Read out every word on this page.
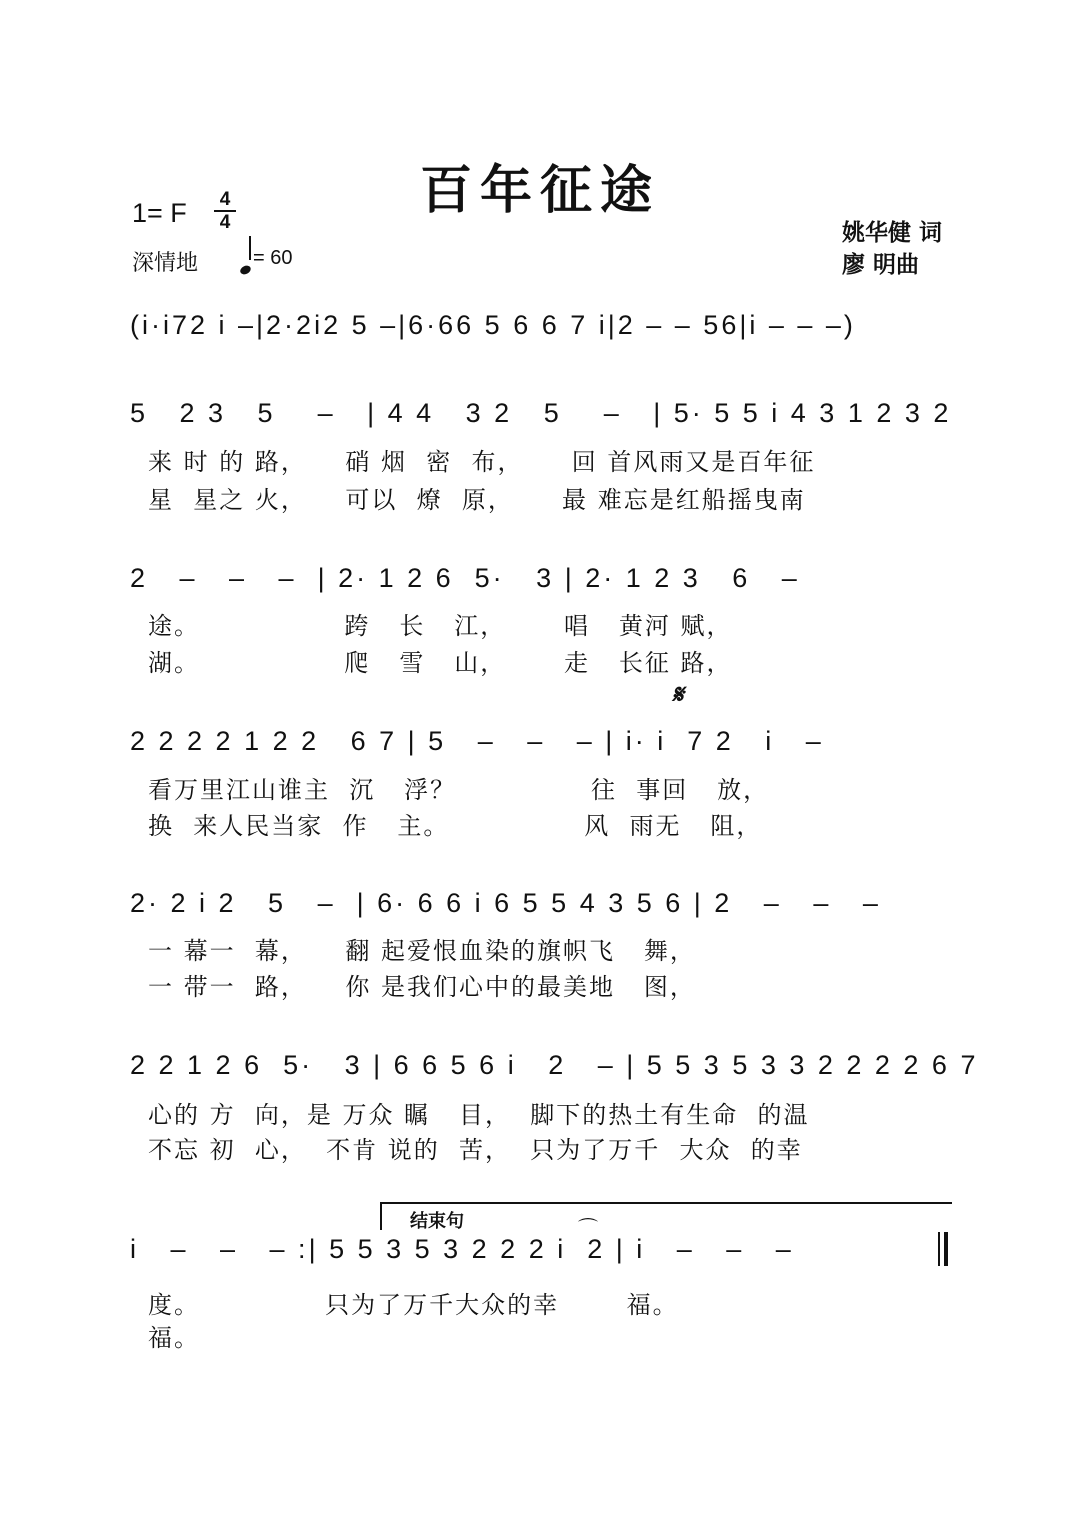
百年征途
1= F	4
4
深情地	= 60
姚华健 词
廖 明曲
(i·i72 i –|2·2i2 5 –|6·66 5 6 6 7 i|2 – – 56|i – – –)
5   2 3   5    –   | 4 4   3 2   5    –   | 5· 5 5 i 4 3 1 2 3 2
来 时 的 路，    硝 烟  密  布，     回 首风雨又是百年征
星  星之 火，    可以  燎  原，     最 难忘是红船摇曳南
2   –   –   –  | 2· 1 2 6  5·   3 | 2· 1 2 3   6   –
途。               跨   长   江，      唱   黄河 赋，
湖。               爬   雪   山，      走   长征 路，
𝄋
2 2 2 2 1 2 2   6 7 | 5   –   –   – | i· i  7 2   i   –
看万里江山谁主  沉   浮？              往  事回   放，
换  来人民当家  作   主。              风  雨无   阻，
2· 2 i 2   5   –  | 6· 6 6 i 6 5 5 4 3 5 6 | 2   –   –   –
一 幕一  幕，    翻 起爱恨血染的旗帜飞   舞，
一 带一  路，    你 是我们心中的最美地   图，
2 2 1 2 6  5·   3 | 6 6 5 6 i   2   – | 5 5 3 5 3 3 2 2 2 2 6 7
心的 方  向，是 万众 瞩   目，  脚下的热土有生命  的温
不忘 初  心，  不肯 说的  苦，  只为了万千  大众  的幸
结束句	⌒
i   –   –   – :| 5 5 3 5 3 2 2 2 i  2 | i   –   –   –
度。             只为了万千大众的幸       福。
福。
